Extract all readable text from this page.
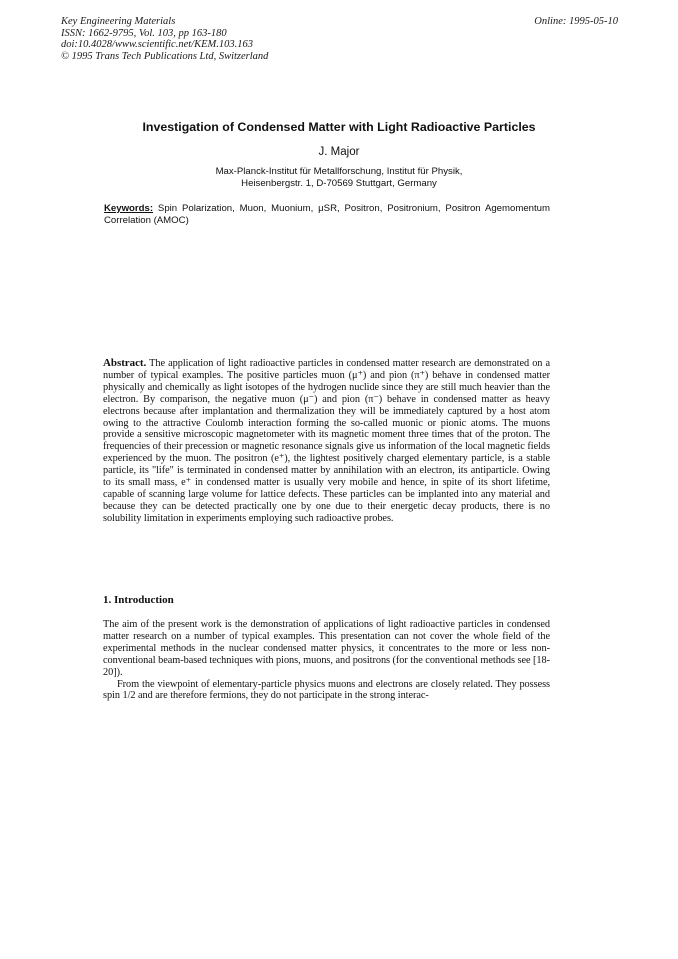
Key Engineering Materials
ISSN: 1662-9795, Vol. 103, pp 163-180
doi:10.4028/www.scientific.net/KEM.103.163
© 1995 Trans Tech Publications Ltd, Switzerland
Online: 1995-05-10
Investigation of Condensed Matter with Light Radioactive Particles
J. Major
Max-Planck-Institut für Metallforschung, Institut für Physik,
Heisenbergstr. 1, D-70569 Stuttgart, Germany
Keywords: Spin Polarization, Muon, Muonium, μSR, Positron, Positronium, Positron Agemomentum Correlation (AMOC)
Abstract. The application of light radioactive particles in condensed matter research are demonstrated on a number of typical examples. The positive particles muon (μ⁺) and pion (π⁺) behave in condensed matter physically and chemically as light isotopes of the hydrogen nuclide since they are still much heavier than the electron. By comparison, the negative muon (μ⁻) and pion (π⁻) behave in condensed matter as heavy electrons because after implantation and thermalization they will be immediately captured by a host atom owing to the attractive Coulomb interaction forming the so-called muonic or pionic atoms. The muons provide a sensitive microscopic magnetometer with its magnetic moment three times that of the proton. The frequencies of their precession or magnetic resonance signals give us information of the local magnetic fields experienced by the muon. The positron (e⁺), the lightest positively charged elementary particle, is a stable particle, its "life" is terminated in condensed matter by annihilation with an electron, its antiparticle. Owing to its small mass, e⁺ in condensed matter is usually very mobile and hence, in spite of its short lifetime, capable of scanning large volume for lattice defects. These particles can be implanted into any material and because they can be detected practically one by one due to their energetic decay products, there is no solubility limitation in experiments employing such radioactive probes.
1. Introduction

The aim of the present work is the demonstration of applications of light radioactive particles in condensed matter research on a number of typical examples. This presentation can not cover the whole field of the experimental methods in the nuclear condensed matter physics, it concentrates to the more or less non-conventional beam-based techniques with pions, muons, and positrons (for the conventional methods see [18-20]).

From the viewpoint of elementary-particle physics muons and electrons are closely related. They possess spin 1/2 and are therefore fermions, they do not participate in the strong interac-
